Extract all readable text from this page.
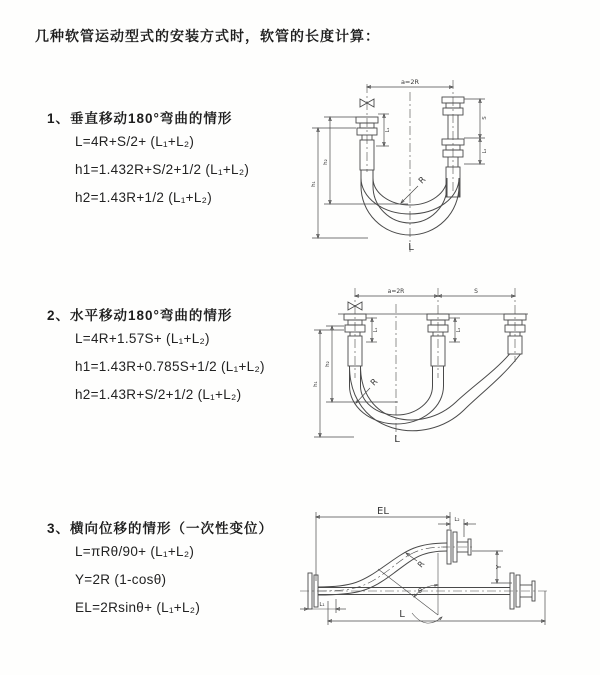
几种软管运动型式的安装方式时，软管的长度计算：
1、垂直移动180°弯曲的情形
L=4R+S/2+ (L₁+L₂)
h1=1.432R+S/2+1/2 (L₁+L₂)
h2=1.43R+1/2 (L₁+L₂)
a=2R
S
L₂
L₁
h₁
h₂
R
L
2、水平移动180°弯曲的情形
L=4R+1.57S+ (L₁+L₂)
h1=1.43R+0.785S+1/2 (L₁+L₂)
h2=1.43R+S/2+1/2 (L₁+L₂)
a=2R	S
L₁	L₂
h₁
h₂
R
L
3、横向位移的情形（一次性变位）
L=πRθ/90+ (L₁+L₂)
Y=2R (1-cosθ)
EL=2Rsinθ+ (L₁+L₂)
EL
L₂
θ
R	Y
L₁
L
